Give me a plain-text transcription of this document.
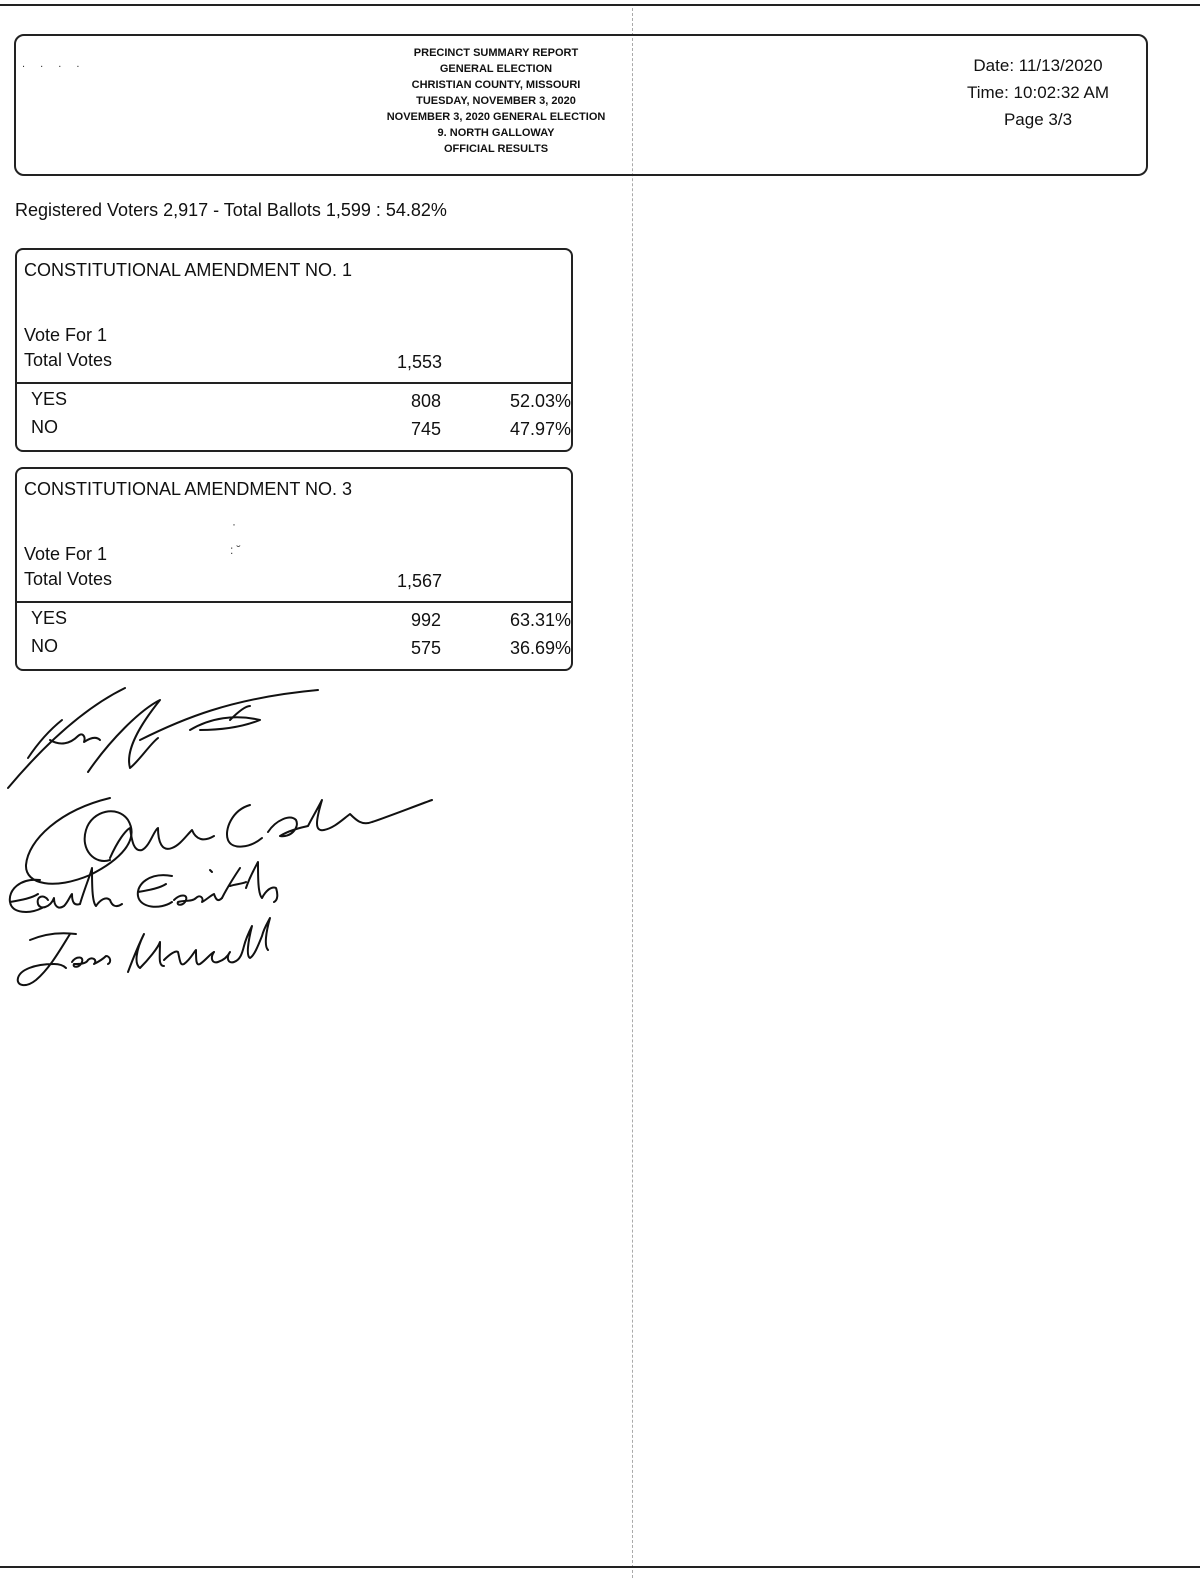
. . . .
PRECINCT SUMMARY REPORT
GENERAL ELECTION
CHRISTIAN COUNTY, MISSOURI
TUESDAY, NOVEMBER 3, 2020
NOVEMBER 3, 2020 GENERAL ELECTION
9. NORTH GALLOWAY
OFFICIAL RESULTS
Date: 11/13/2020
Time: 10:02:32 AM
Page 3/3
Registered Voters 2,917 - Total Ballots 1,599 : 54.82%
CONSTITUTIONAL AMENDMENT NO. 1
Vote For 1
Total Votes	1,553
YES	808	52.03%
NO	745	47.97%
CONSTITUTIONAL AMENDMENT NO. 3
·
: ˘
Vote For 1
Total Votes	1,567
YES	992	63.31%
NO	575	36.69%
